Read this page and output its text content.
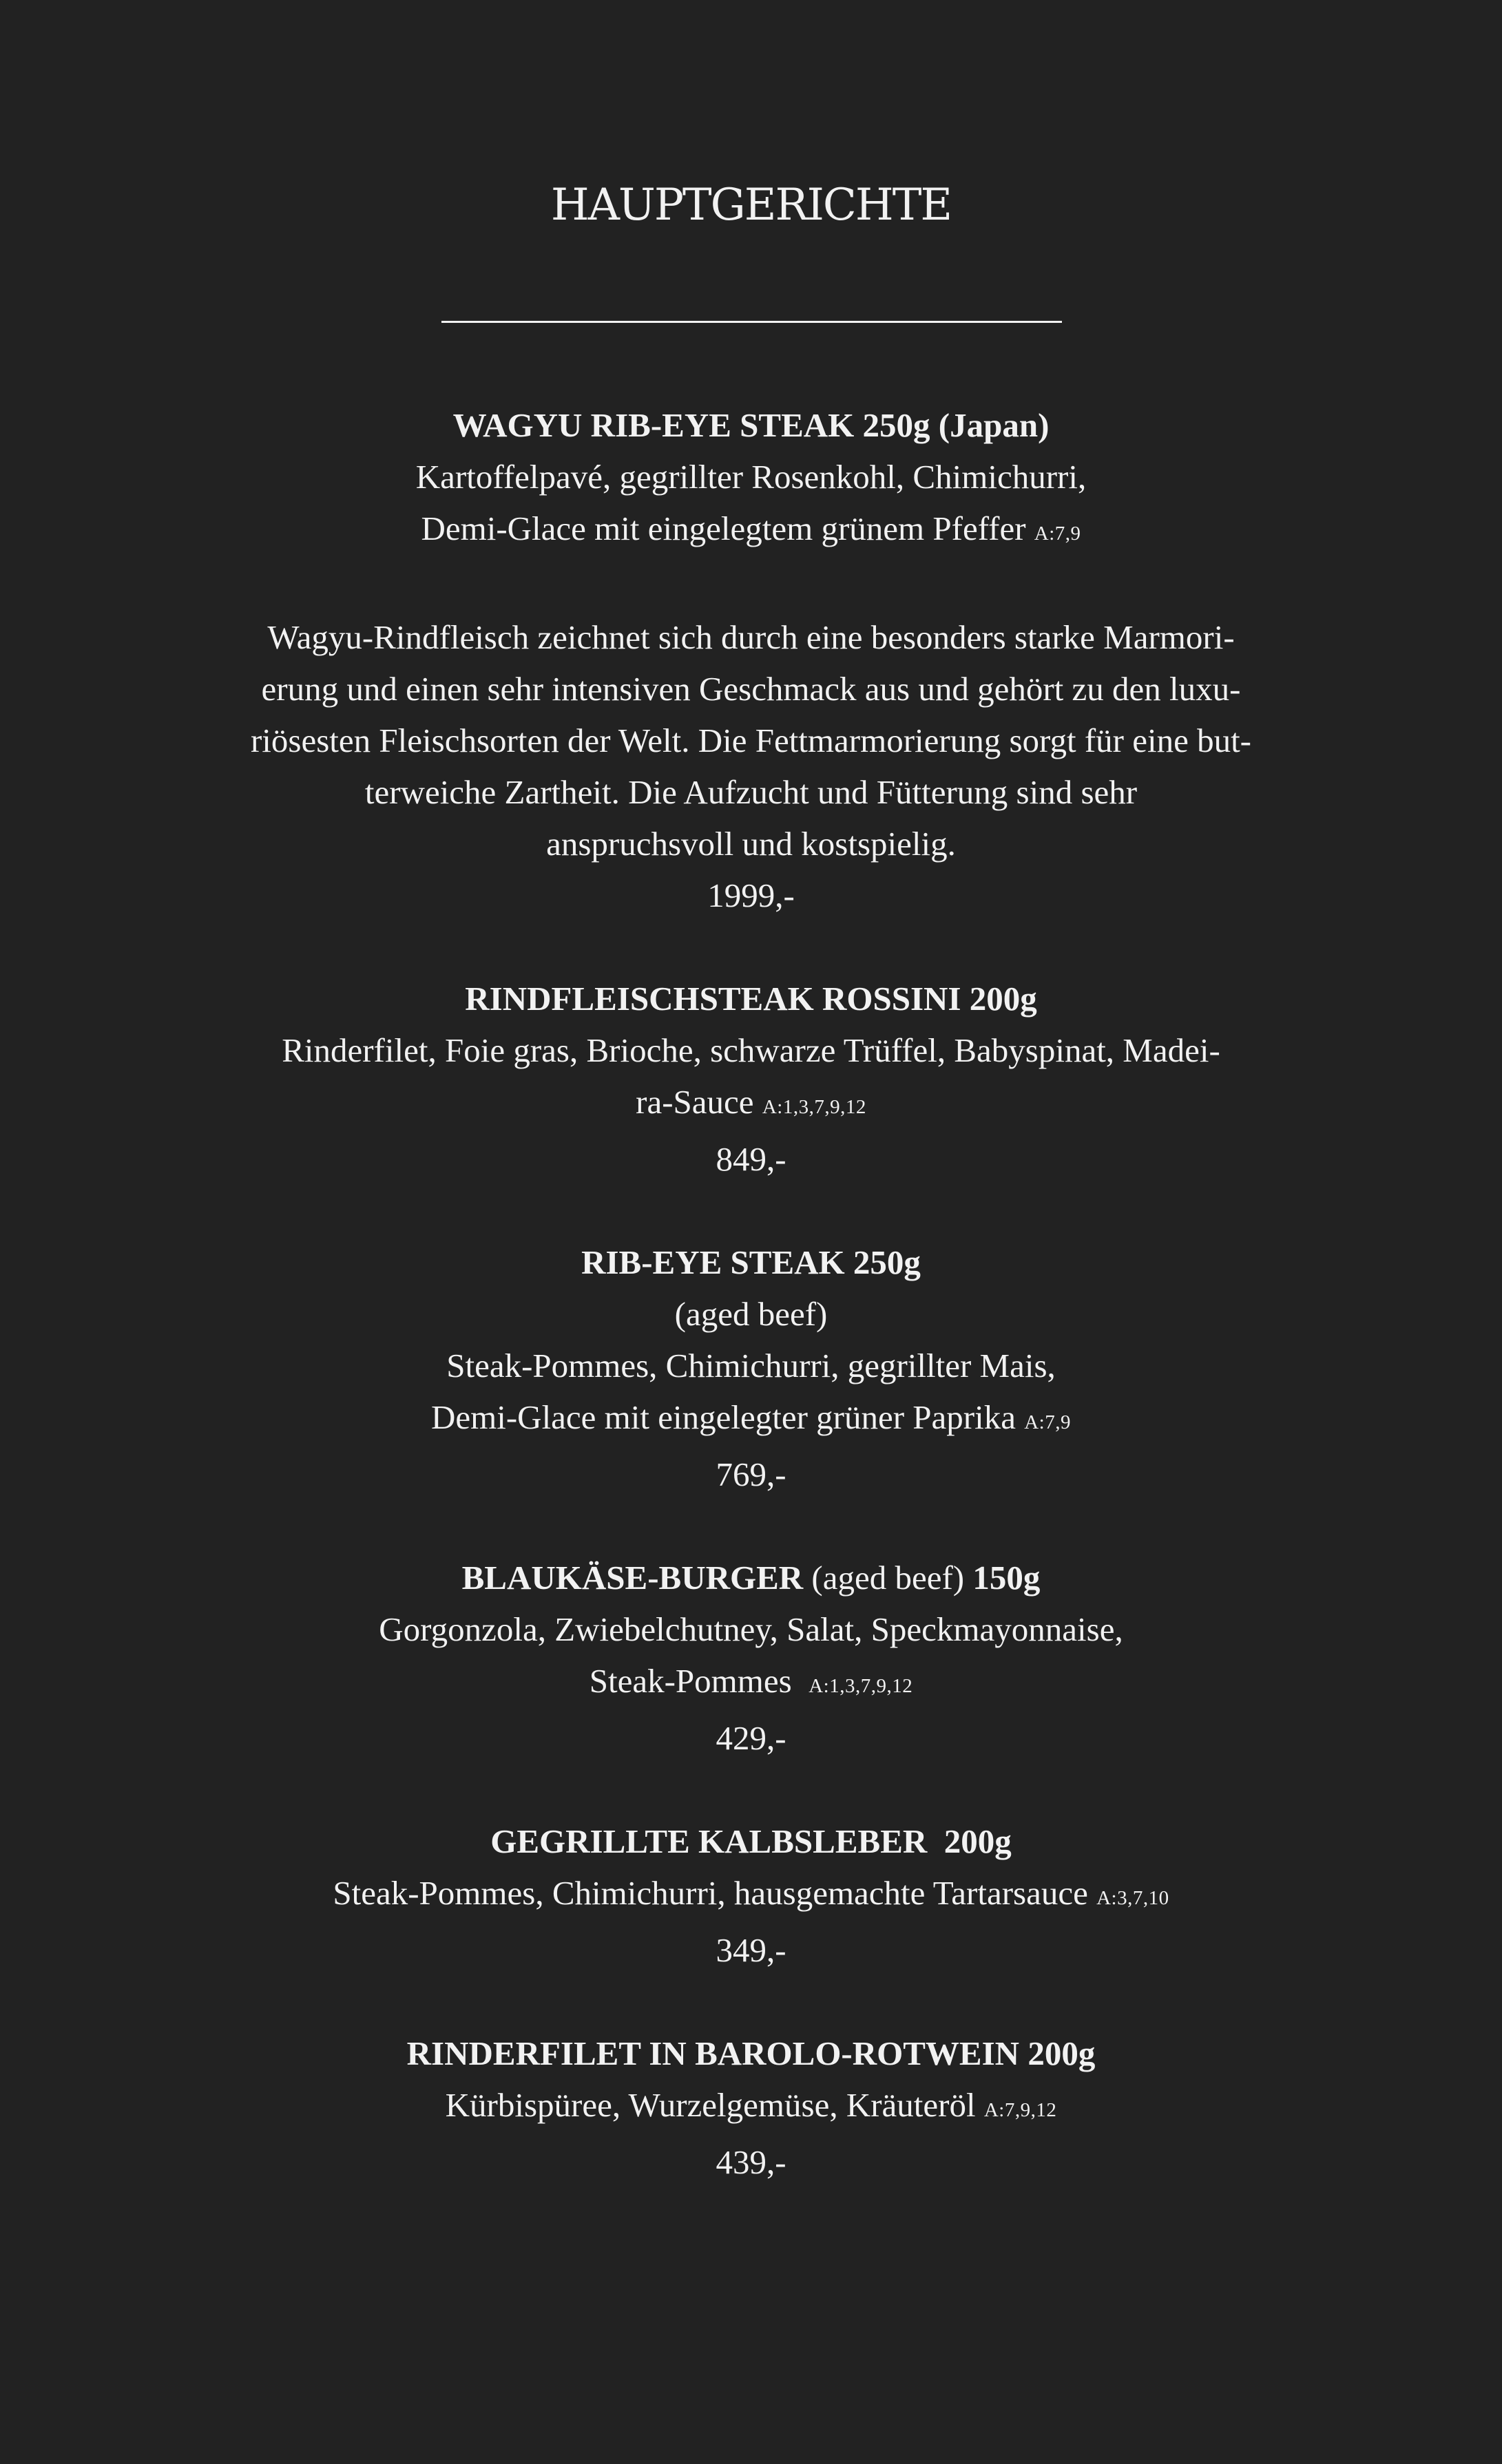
HAUPTGERICHTE
WAGYU RIB-EYE STEAK 250g (Japan)
Kartoffelpavé, gegrillter Rosenkohl, Chimichurri,
Demi-Glace mit eingelegtem grünem Pfeffer A:7,9
Wagyu-Rindfleisch zeichnet sich durch eine besonders starke Marmori-
erung und einen sehr intensiven Geschmack aus und gehört zu den luxu-
riösesten Fleischsorten der Welt. Die Fettmarmorierung sorgt für eine but-
terweiche Zartheit. Die Aufzucht und Fütterung sind sehr
anspruchsvoll und kostspielig.
1999,-
RINDFLEISCHSTEAK ROSSINI 200g
Rinderfilet, Foie gras, Brioche, schwarze Trüffel, Babyspinat, Madei-
ra-Sauce A:1,3,7,9,12
849,-
RIB-EYE STEAK 250g
(aged beef)
Steak-Pommes, Chimichurri, gegrillter Mais,
Demi-Glace mit eingelegter grüner Paprika A:7,9
769,-
BLAUKÄSE-BURGER (aged beef) 150g
Gorgonzola, Zwiebelchutney, Salat, Speckmayonnaise,
Steak-Pommes A:1,3,7,9,12
429,-
GEGRILLTE KALBSLEBER  200g
Steak-Pommes, Chimichurri, hausgemachte Tartarsauce A:3,7,10
349,-
RINDERFILET IN BAROLO-ROTWEIN 200g
Kürbispüree, Wurzelgemüse, Kräuteröl A:7,9,12
439,-
